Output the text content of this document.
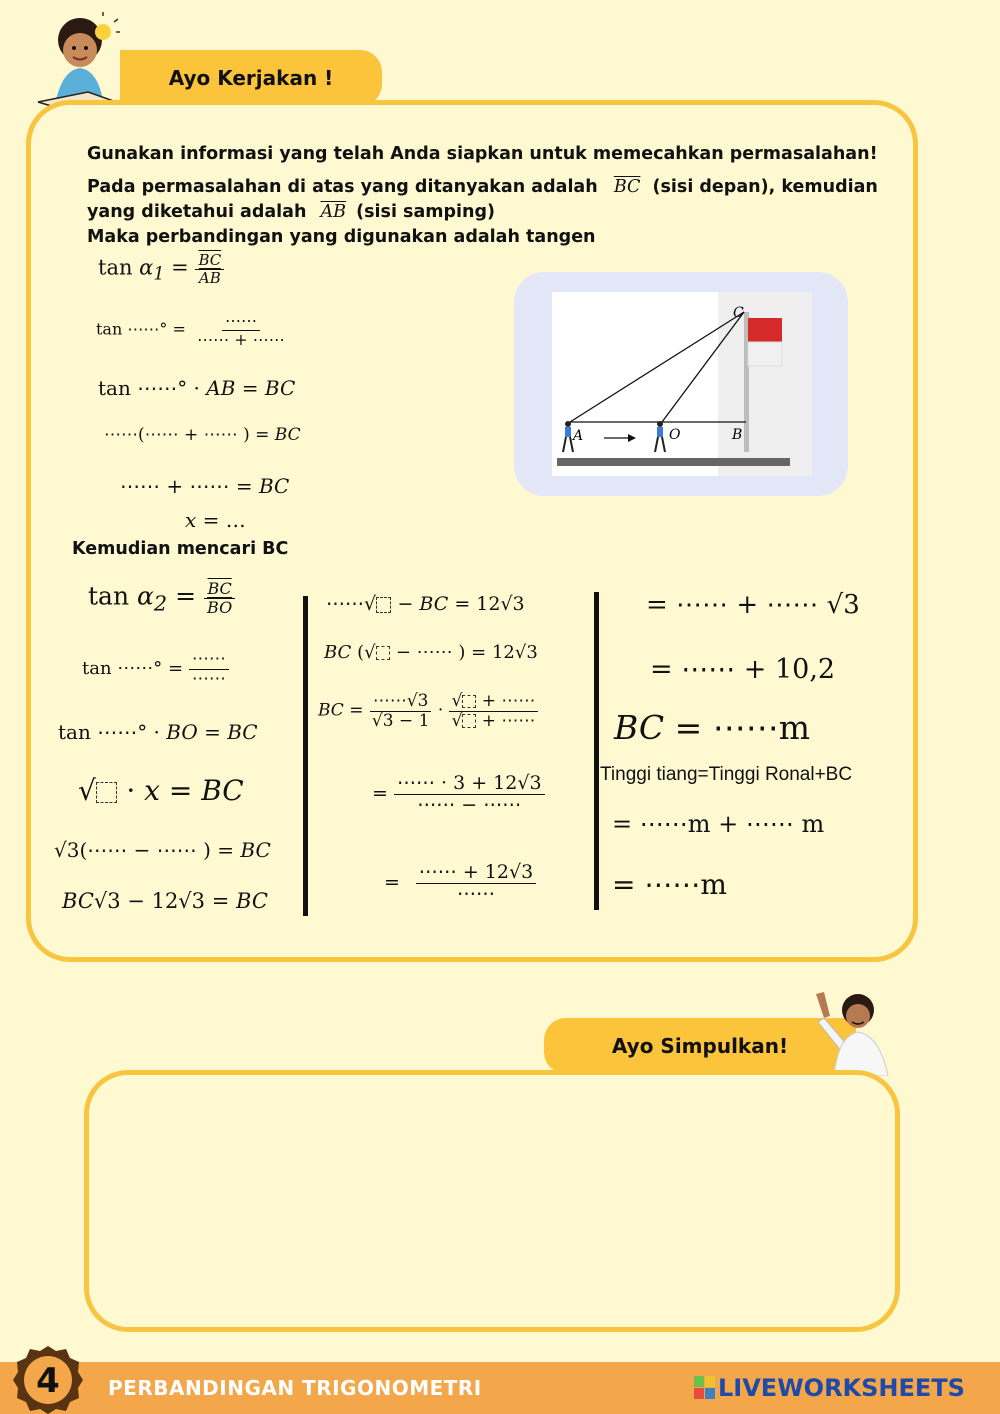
Ayo Kerjakan !
Gunakan informasi yang telah Anda siapkan untuk memecahkan permasalahan!
Pada permasalahan di atas yang ditanyakan adalah $\overline{BC}$ (sisi depan), kemudian
yang diketahui adalah $\overline{AB}$ (sisi samping)
Maka perbandingan yang digunakan adalah tangen
$\tan \alpha_1 = \frac{\overline{BC}}{AB}$
tan ⋯⋯° = $\frac{\cdots\cdots}{\cdots\cdots + \cdots\cdots}$
tan ⋯⋯° · AB = BC
⋯⋯(⋯⋯ + ⋯⋯ ) = BC
⋯⋯ + ⋯⋯ = BC
x = …
A	O	B
C
Kemudian mencari BC
$\tan \alpha_2 = \frac{\overline{BC}}{BO}$
tan ⋯⋯° = $\frac{\cdots\cdots}{\cdots\cdots}$
tan ⋯⋯° · BO = BC
√ · x = BC
√3(⋯⋯ − ⋯⋯ ) = BC
BC√3 − 12√3 = BC
⋯⋯√ − BC = 12√3
BC (√ − ⋯⋯ ) = 12√3
BC = $\frac{\cdots\cdots√3}{√3 - 1} \cdot \frac{√ + \cdots\cdots}{√ + \cdots\cdots}$
= $\frac{\cdots\cdots \cdot 3 + 12√3}{\cdots\cdots - \cdots\cdots}$
= $\frac{\cdots\cdots + 12√3}{\cdots\cdots}$
= ⋯⋯ + ⋯⋯ √3
= ⋯⋯ + 10,2
BC = ⋯⋯m
Tinggi tiang=Tinggi Ronal+BC
= ⋯⋯m + ⋯⋯ m
= ⋯⋯m
Ayo Simpulkan!
4 PERBANDINGAN TRIGONOMETRI	LIVEWORKSHEETS
